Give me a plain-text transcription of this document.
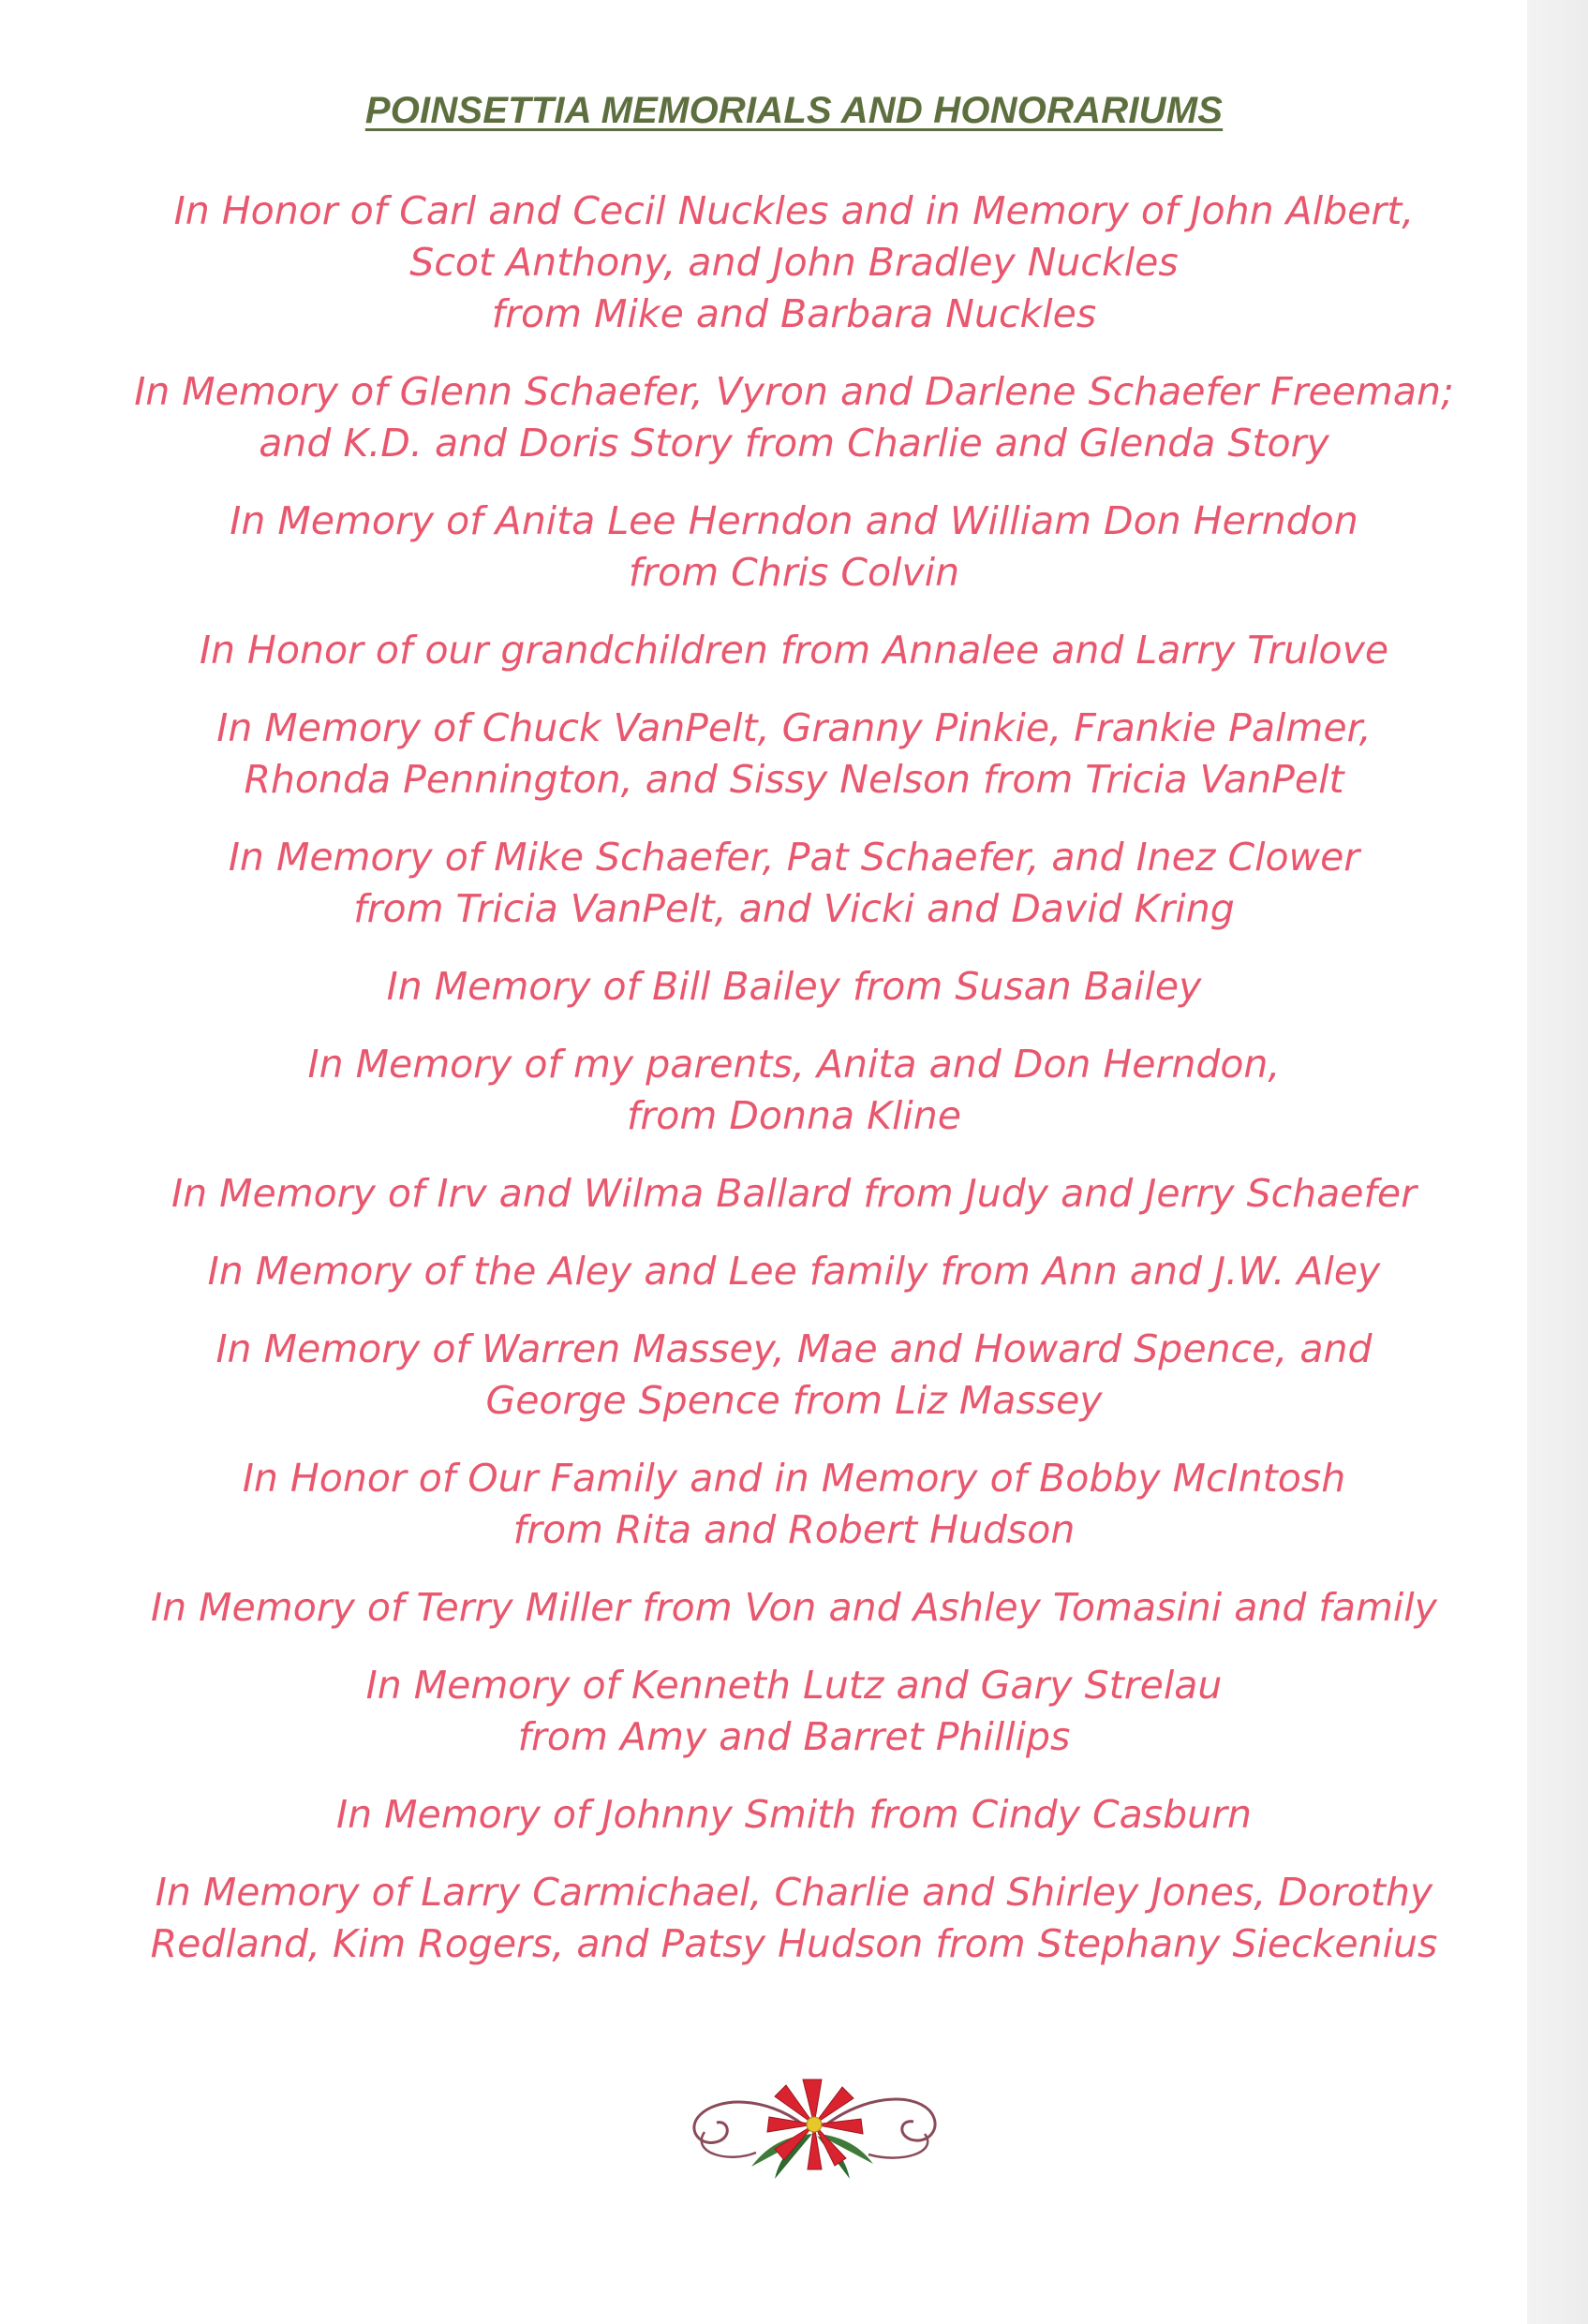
POINSETTIA MEMORIALS AND HONORARIUMS
In Honor of Carl and Cecil Nuckles and in Memory of John Albert,
Scot Anthony, and John Bradley Nuckles
from Mike and Barbara Nuckles
In Memory of Glenn Schaefer, Vyron and Darlene Schaefer Freeman;
and K.D. and Doris Story from Charlie and Glenda Story
In Memory of Anita Lee Herndon and William Don Herndon
from Chris Colvin
In Honor of our grandchildren from Annalee and Larry Trulove
In Memory of Chuck VanPelt, Granny Pinkie, Frankie Palmer,
Rhonda Pennington, and Sissy Nelson from Tricia VanPelt
In Memory of Mike Schaefer, Pat Schaefer, and Inez Clower
from Tricia VanPelt, and Vicki and David Kring
In Memory of Bill Bailey from Susan Bailey
In Memory of my parents, Anita and Don Herndon,
from Donna Kline
In Memory of Irv and Wilma Ballard from Judy and Jerry Schaefer
In Memory of the Aley and Lee family from Ann and J.W. Aley
In Memory of Warren Massey, Mae and Howard Spence, and
George Spence from Liz Massey
In Honor of Our Family and in Memory of Bobby McIntosh
from Rita and Robert Hudson
In Memory of Terry Miller from Von and Ashley Tomasini and family
In Memory of Kenneth Lutz and Gary Strelau
from Amy and Barret Phillips
In Memory of Johnny Smith from Cindy Casburn
In Memory of Larry Carmichael, Charlie and Shirley Jones, Dorothy
Redland, Kim Rogers, and Patsy Hudson from Stephany Sieckenius
